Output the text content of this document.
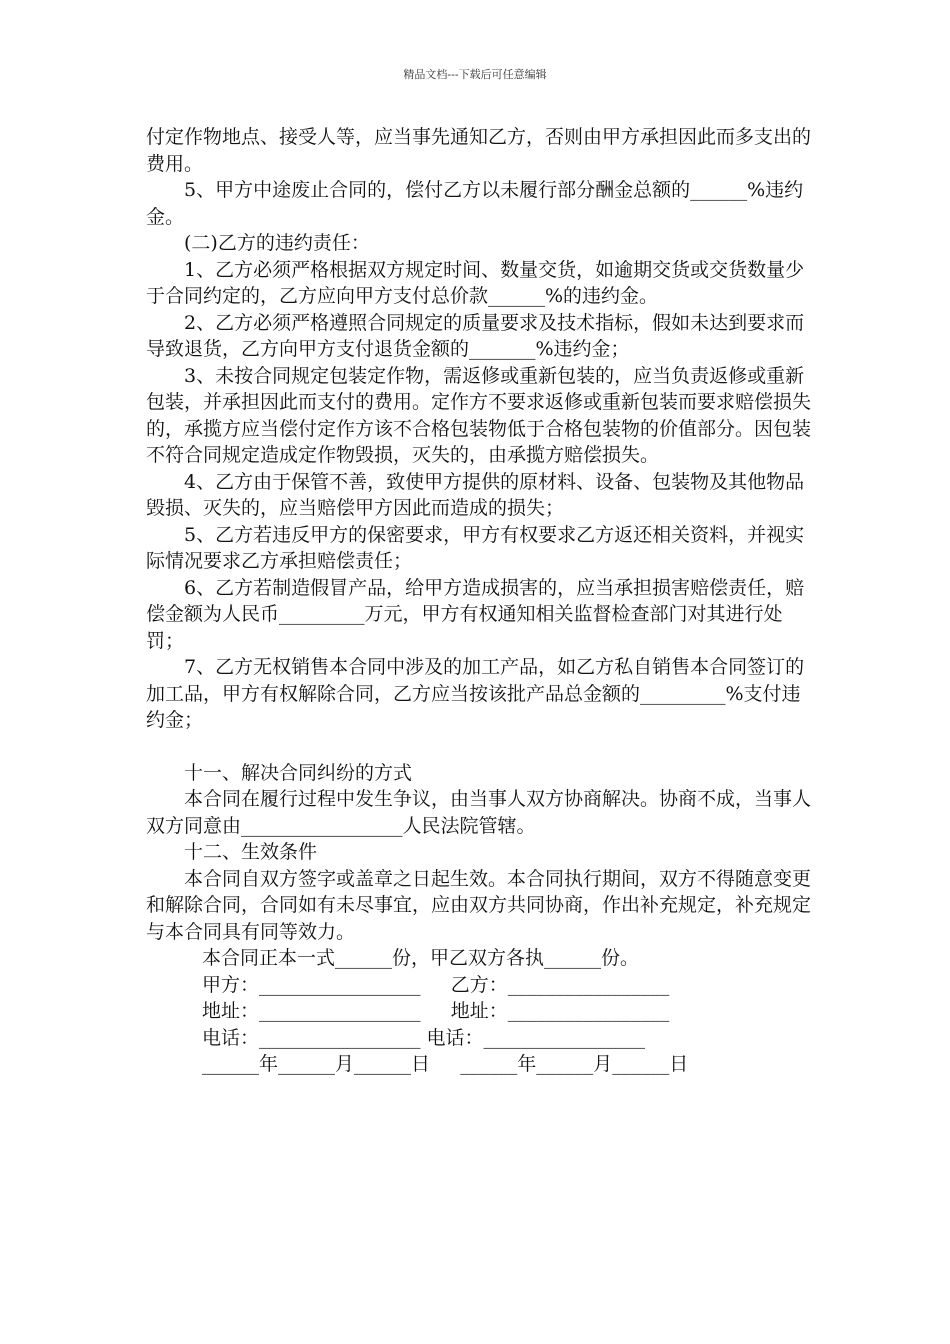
精品文档---下载后可任意编辑

付定作物地点、接受人等，应当事先通知乙方，否则由甲方承担因此而多支出的费用。

5、甲方中途废止合同的，偿付乙方以未履行部分酬金总额的______%违约金。

(二)乙方的违约责任：

1、乙方必须严格根据双方规定时间、数量交货，如逾期交货或交货数量少于合同约定的，乙方应向甲方支付总价款______%的违约金。

2、乙方必须严格遵照合同规定的质量要求及技术指标，假如未达到要求而导致退货，乙方向甲方支付退货金额的_______%违约金；

3、未按合同规定包装定作物，需返修或重新包装的，应当负责返修或重新包装，并承担因此而支付的费用。定作方不要求返修或重新包装而要求赔偿损失的，承揽方应当偿付定作方该不合格包装物低于合格包装物的价值部分。因包装不符合同规定造成定作物毁损，灭失的，由承揽方赔偿损失。

4、乙方由于保管不善，致使甲方提供的原材料、设备、包装物及其他物品毁损、灭失的，应当赔偿甲方因此而造成的损失；

5、乙方若违反甲方的保密要求，甲方有权要求乙方返还相关资料，并视实际情况要求乙方承担赔偿责任；

6、乙方若制造假冒产品，给甲方造成损害的，应当承担损害赔偿责任，赔偿金额为人民币_________万元，甲方有权通知相关监督检查部门对其进行处罚；

7、乙方无权销售本合同中涉及的加工产品，如乙方私自销售本合同签订的加工品，甲方有权解除合同，乙方应当按该批产品总金额的_________%支付违约金；

十一、解决合同纠纷的方式

本合同在履行过程中发生争议，由当事人双方协商解决。协商不成，当事人双方同意由_________________人民法院管辖。

十二、生效条件

本合同自双方签字或盖章之日起生效。本合同执行期间，双方不得随意变更和解除合同，合同如有未尽事宜，应由双方共同协商，作出补充规定，补充规定与本合同具有同等效力。

本合同正本一式______份，甲乙双方各执______份。

甲方：_________________     乙方：_________________

地址：_________________     地址：_________________

电话：_________________ 电话：_________________

______年______月______日     ______年______月______日
